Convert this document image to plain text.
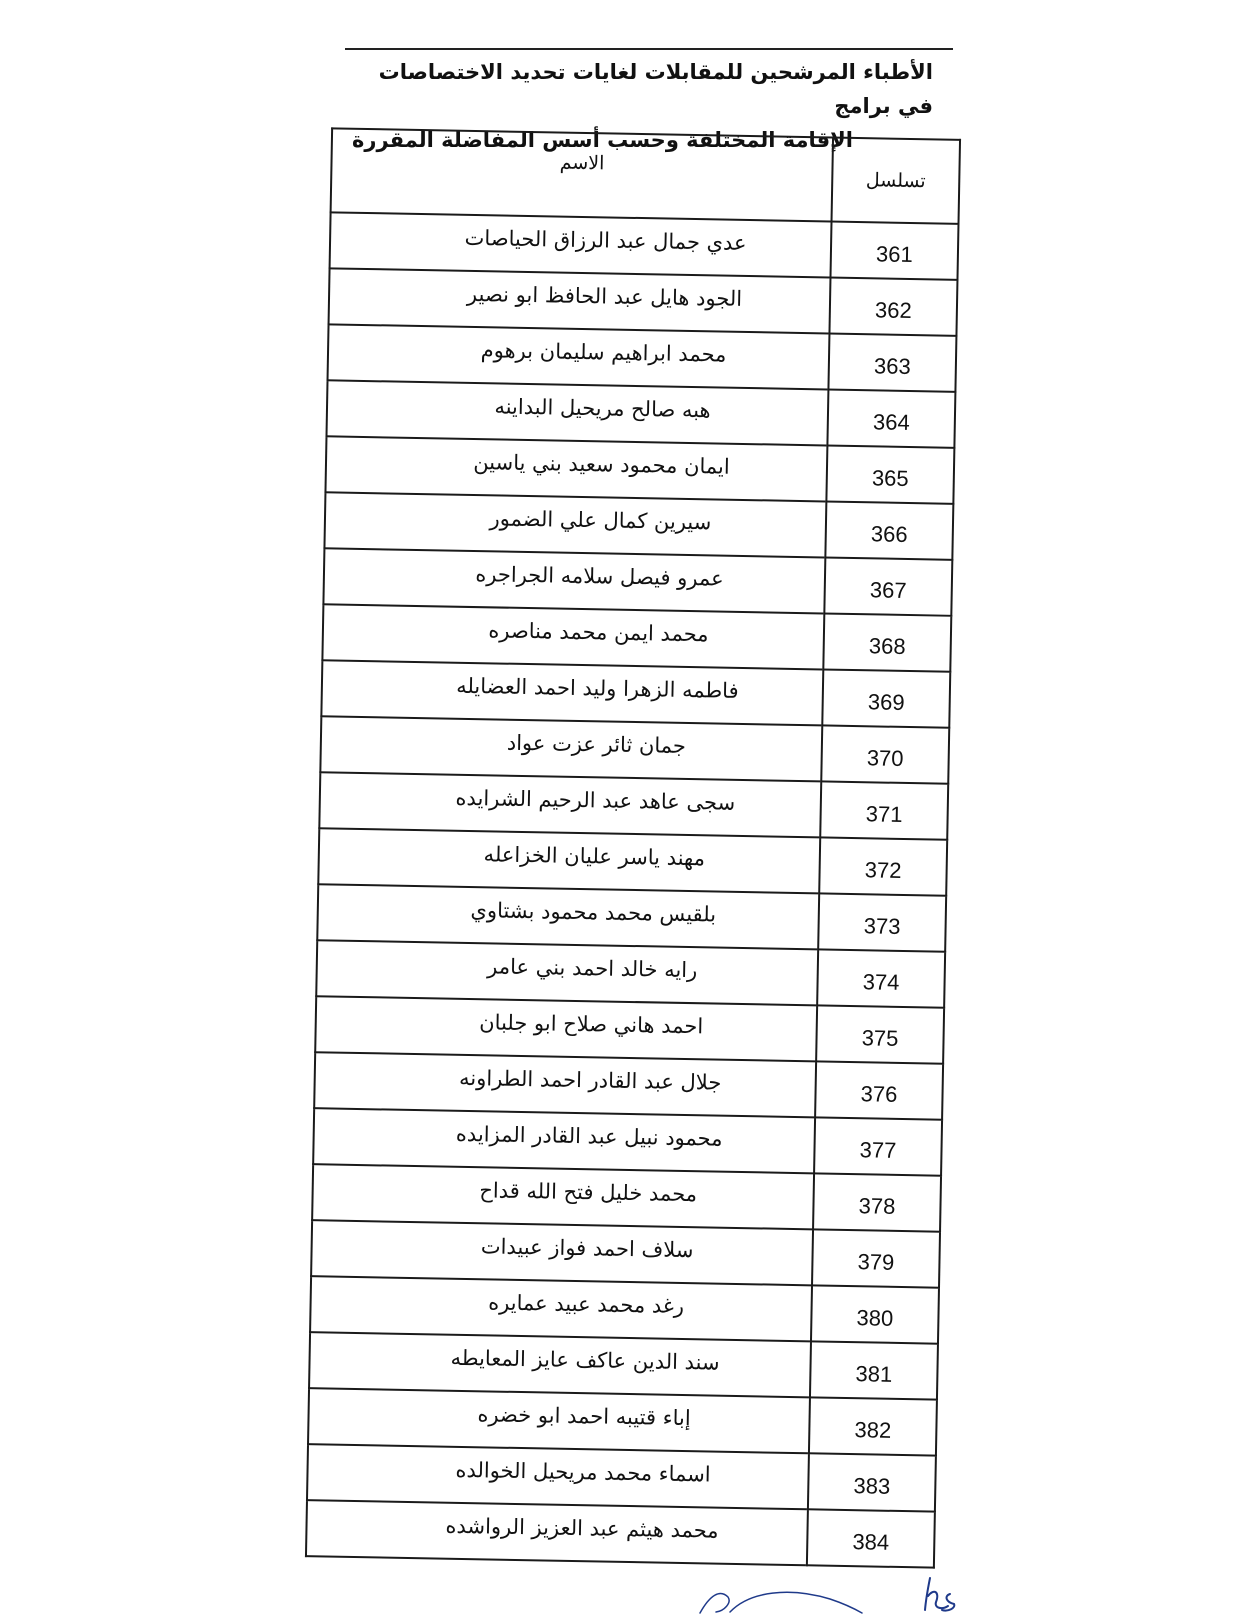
الأطباء المرشحين للمقابلات لغايات تحديد الاختصاصات في برامج
الإقامة المختلفة وحسب أسس المفاضلة المقررة
تسلسل	الاسم
361	عدي جمال عبد الرزاق الحياصات
362	الجود هايل عبد الحافظ ابو نصير
363	محمد ابراهيم سليمان برهوم
364	هبه صالح مريحيل البداينه
365	ايمان محمود سعيد بني ياسين
366	سيرين كمال علي الضمور
367	عمرو فيصل سلامه الجراجره
368	محمد ايمن محمد مناصره
369	فاطمه الزهرا وليد احمد العضايله
370	جمان ثائر عزت عواد
371	سجى عاهد عبد الرحيم الشرايده
372	مهند ياسر عليان الخزاعله
373	بلقيس محمد محمود بشتاوي
374	رايه خالد احمد بني عامر
375	احمد هاني صلاح ابو جلبان
376	جلال عبد القادر احمد الطراونه
377	محمود نبيل عبد القادر المزايده
378	محمد خليل فتح الله قداح
379	سلاف احمد فواز عبيدات
380	رغد محمد عبيد عمايره
381	سند الدين عاكف عايز المعايطه
382	إباء قتيبه احمد ابو خضره
383	اسماء محمد مريحيل الخوالده
384	محمد هيثم عبد العزيز الرواشده
